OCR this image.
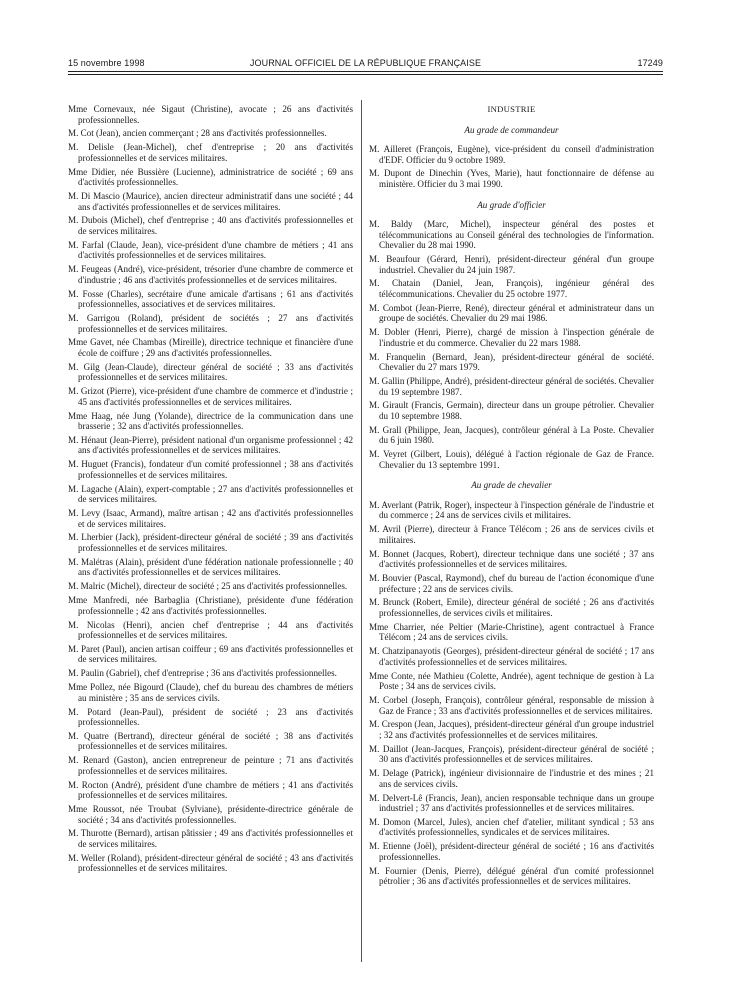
15 novembre 1998	JOURNAL OFFICIEL DE LA RÉPUBLIQUE FRANÇAISE	17249

Mme Cornevaux, née Sigaut (Christine), avocate ; 26 ans d'activités professionnelles.

M. Cot (Jean), ancien commerçant ; 28 ans d'activités professionnelles.

M. Delisle (Jean-Michel), chef d'entreprise ; 20 ans d'activités professionnelles et de services militaires.

Mme Didier, née Bussière (Lucienne), administratrice de société ; 69 ans d'activités professionnelles.

M. Di Mascio (Maurice), ancien directeur administratif dans une société ; 44 ans d'activités professionnelles et de services militaires.

M. Dubois (Michel), chef d'entreprise ; 40 ans d'activités professionnelles et de services militaires.

M. Farfal (Claude, Jean), vice-président d'une chambre de métiers ; 41 ans d'activités professionnelles et de services militaires.

M. Feugeas (André), vice-président, trésorier d'une chambre de commerce et d'industrie ; 46 ans d'activités professionnelles et de services militaires.

M. Fosse (Charles), secrétaire d'une amicale d'artisans ; 61 ans d'activités professionnelles, associatives et de services militaires.

M. Garrigou (Roland), président de sociétés ; 27 ans d'activités professionnelles et de services militaires.

Mme Gavet, née Chambas (Mireille), directrice technique et financière d'une école de coiffure ; 29 ans d'activités professionnelles.

M. Gilg (Jean-Claude), directeur général de société ; 33 ans d'activités professionnelles et de services militaires.

M. Grizot (Pierre), vice-président d'une chambre de commerce et d'industrie ; 45 ans d'activités professionnelles et de services militaires.

Mme Haag, née Jung (Yolande), directrice de la communication dans une brasserie ; 32 ans d'activités professionnelles.

M. Hénaut (Jean-Pierre), président national d'un organisme professionnel ; 42 ans d'activités professionnelles et de services militaires.

M. Huguet (Francis), fondateur d'un comité professionnel ; 38 ans d'activités professionnelles et de services militaires.

M. Lagache (Alain), expert-comptable ; 27 ans d'activités professionnelles et de services militaires.

M. Levy (Isaac, Armand), maître artisan ; 42 ans d'activités professionnelles et de services militaires.

M. Lherbier (Jack), président-directeur général de société ; 39 ans d'activités professionnelles et de services militaires.

M. Malétras (Alain), président d'une fédération nationale professionnelle ; 40 ans d'activités professionnelles et de services militaires.

M. Malric (Michel), directeur de société ; 25 ans d'activités professionnelles.

Mme Manfredi, née Barbaglia (Christiane), présidente d'une fédération professionnelle ; 42 ans d'activités professionnelles.

M. Nicolas (Henri), ancien chef d'entreprise ; 44 ans d'activités professionnelles et de services militaires.

M. Paret (Paul), ancien artisan coiffeur ; 69 ans d'activités professionnelles et de services militaires.

M. Paulin (Gabriel), chef d'entreprise ; 36 ans d'activités professionnelles.

Mme Pollez, née Bigourd (Claude), chef du bureau des chambres de métiers au ministère ; 35 ans de services civils.

M. Potard (Jean-Paul), président de société ; 23 ans d'activités professionnelles.

M. Quatre (Bertrand), directeur général de société ; 38 ans d'activités professionnelles et de services militaires.

M. Renard (Gaston), ancien entrepreneur de peinture ; 71 ans d'activités professionnelles et de services militaires.

M. Rocton (André), président d'une chambre de métiers ; 41 ans d'activités professionnelles et de services militaires.

Mme Roussot, née Troubat (Sylviane), présidente-directrice générale de société ; 34 ans d'activités professionnelles.

M. Thurotte (Bernard), artisan pâtissier ; 49 ans d'activités professionnelles et de services militaires.

M. Weller (Roland), président-directeur général de société ; 43 ans d'activités professionnelles et de services militaires.

INDUSTRIE
Au grade de commandeur

M. Ailleret (François, Eugène), vice-président du conseil d'administration d'EDF. Officier du 9 octobre 1989.

M. Dupont de Dinechin (Yves, Marie), haut fonctionnaire de défense au ministère. Officier du 3 mai 1990.

Au grade d'officier

M. Baldy (Marc, Michel), inspecteur général des postes et télécommunications au Conseil général des technologies de l'information. Chevalier du 28 mai 1990.

M. Beaufour (Gérard, Henri), président-directeur général d'un groupe industriel. Chevalier du 24 juin 1987.

M. Chatain (Daniel, Jean, François), ingénieur général des télécommunications. Chevalier du 25 octobre 1977.

M. Combot (Jean-Pierre, René), directeur général et administrateur dans un groupe de sociétés. Chevalier du 29 mai 1986.

M. Dobler (Henri, Pierre), chargé de mission à l'inspection générale de l'industrie et du commerce. Chevalier du 22 mars 1988.

M. Franquelin (Bernard, Jean), président-directeur général de société. Chevalier du 27 mars 1979.

M. Gallin (Philippe, André), président-directeur général de sociétés. Chevalier du 19 septembre 1987.

M. Girault (Francis, Germain), directeur dans un groupe pétrolier. Chevalier du 10 septembre 1988.

M. Grall (Philippe, Jean, Jacques), contrôleur général à La Poste. Chevalier du 6 juin 1980.

M. Veyret (Gilbert, Louis), délégué à l'action régionale de Gaz de France. Chevalier du 13 septembre 1991.

Au grade de chevalier

M. Averlant (Patrik, Roger), inspecteur à l'inspection générale de l'industrie et du commerce ; 24 ans de services civils et militaires.

M. Avril (Pierre), directeur à France Télécom ; 26 ans de services civils et militaires.

M. Bonnet (Jacques, Robert), directeur technique dans une société ; 37 ans d'activités professionnelles et de services militaires.

M. Bouvier (Pascal, Raymond), chef du bureau de l'action économique d'une préfecture ; 22 ans de services civils.

M. Brunck (Robert, Emile), directeur général de société ; 26 ans d'activités professionnelles, de services civils et militaires.

Mme Charrier, née Peltier (Marie-Christine), agent contractuel à France Télécom ; 24 ans de services civils.

M. Chatzipanayotis (Georges), président-directeur général de société ; 17 ans d'activités professionnelles et de services militaires.

Mme Conte, née Mathieu (Colette, Andrée), agent technique de gestion à La Poste ; 34 ans de services civils.

M. Corbel (Joseph, François), contrôleur général, responsable de mission à Gaz de France ; 33 ans d'activités professionnelles et de services militaires.

M. Crespon (Jean, Jacques), président-directeur général d'un groupe industriel ; 32 ans d'activités professionnelles et de services militaires.

M. Daillot (Jean-Jacques, François), président-directeur général de société ; 30 ans d'activités professionnelles et de services militaires.

M. Delage (Patrick), ingénieur divisionnaire de l'industrie et des mines ; 21 ans de services civils.

M. Delvert-Lê (Francis, Jean), ancien responsable technique dans un groupe industriel ; 37 ans d'activités professionnelles et de services militaires.

M. Domon (Marcel, Jules), ancien chef d'atelier, militant syndical ; 53 ans d'activités professionnelles, syndicales et de services militaires.

M. Etienne (Joël), président-directeur général de société ; 16 ans d'activités professionnelles.

M. Fournier (Denis, Pierre), délégué général d'un comité professionnel pétrolier ; 36 ans d'activités professionnelles et de services militaires.
